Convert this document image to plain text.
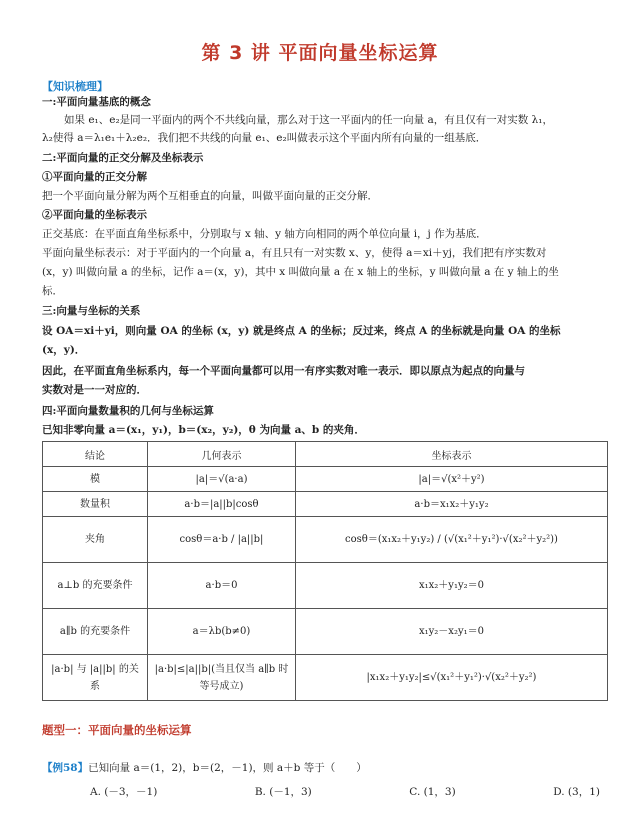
第 3 讲 平面向量坐标运算
【知识梳理】
一:平面向量基底的概念
如果 e₁、e₂是同一平面内的两个不共线向量，那么对于这一平面内的任一向量 a，有且仅有一对实数 λ₁，
λ₂使得 a＝λ₁e₁＋λ₂e₂．我们把不共线的向量 e₁、e₂叫做表示这个平面内所有向量的一组基底．
二:平面向量的正交分解及坐标表示
①平面向量的正交分解
把一个平面向量分解为两个互相垂直的向量，叫做平面向量的正交分解．
②平面向量的坐标表示
正交基底：在平面直角坐标系中，分别取与 x 轴、y 轴方向相同的两个单位向量 i，j 作为基底．
平面向量坐标表示：对于平面内的一个向量 a，有且只有一对实数 x、y，使得 a＝xi＋yj，我们把有序实数对
(x，y) 叫做向量 a 的坐标，记作 a＝(x，y)，其中 x 叫做向量 a 在 x 轴上的坐标，y 叫做向量 a 在 y 轴上的坐
标．
三:向量与坐标的关系
设 OA＝xi＋yi，则向量 OA 的坐标 (x，y) 就是终点 A 的坐标；反过来，终点 A 的坐标就是向量 OA 的坐标
(x，y)．
因此，在平面直角坐标系内，每一个平面向量都可以用一有序实数对唯一表示．即以原点为起点的向量与
实数对是一一对应的．
四:平面向量数量积的几何与坐标运算
已知非零向量 a＝(x₁，y₁)，b＝(x₂，y₂)，θ 为向量 a、b 的夹角．
结论	几何表示	坐标表示
模	|a|＝√(a·a)	|a|＝√(x²＋y²)
数量积	a·b＝|a||b|cosθ	a·b＝x₁x₂＋y₁y₂
夹角	cosθ＝a·b / |a||b|	cosθ＝(x₁x₂＋y₁y₂) / (√(x₁²＋y₁²)·√(x₂²＋y₂²))
a⊥b 的充要条件	a·b＝0	x₁x₂＋y₁y₂＝0
a∥b 的充要条件	a＝λb(b≠0)	x₁y₂－x₂y₁＝0
|a·b| 与 |a||b| 的关系	|a·b|≤|a||b|(当且仅当 a∥b 时等号成立)	|x₁x₂＋y₁y₂|≤√(x₁²＋y₁²)·√(x₂²＋y₂²)
题型一：平面向量的坐标运算
【例58】已知向量 a＝(1，2)，b＝(2，－1)，则 a＋b 等于（　　）
A. (－3，－1)	B. (－1，3)	C. (1，3)	D. (3，1)
